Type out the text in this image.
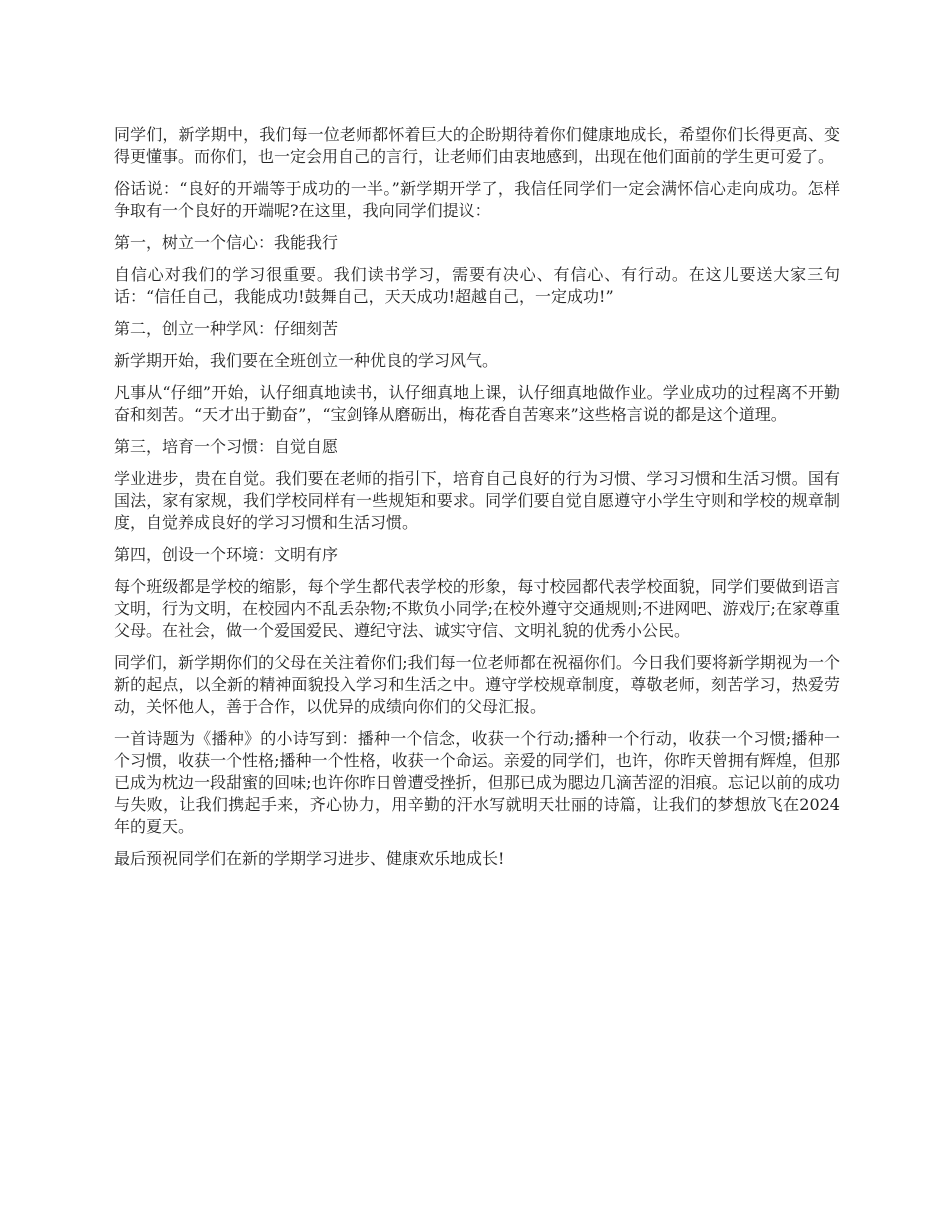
同学们，新学期中，我们每一位老师都怀着巨大的企盼期待着你们健康地成长，希望你们长得更高、变得更懂事。而你们，也一定会用自己的言行，让老师们由衷地感到，出现在他们面前的学生更可爱了。

俗话说：“良好的开端等于成功的一半。”新学期开学了，我信任同学们一定会满怀信心走向成功。怎样争取有一个良好的开端呢?在这里，我向同学们提议：

第一，树立一个信心：我能我行

自信心对我们的学习很重要。我们读书学习，需要有决心、有信心、有行动。在这儿要送大家三句话：“信任自己，我能成功!鼓舞自己，天天成功!超越自己，一定成功!”

第二，创立一种学风：仔细刻苦

新学期开始，我们要在全班创立一种优良的学习风气。

凡事从“仔细”开始，认仔细真地读书，认仔细真地上课，认仔细真地做作业。学业成功的过程离不开勤奋和刻苦。“天才出于勤奋”，“宝剑锋从磨砺出，梅花香自苦寒来”这些格言说的都是这个道理。

第三，培育一个习惯：自觉自愿

学业进步，贵在自觉。我们要在老师的指引下，培育自己良好的行为习惯、学习习惯和生活习惯。国有国法，家有家规，我们学校同样有一些规矩和要求。同学们要自觉自愿遵守小学生守则和学校的规章制度，自觉养成良好的学习习惯和生活习惯。

第四，创设一个环境：文明有序

每个班级都是学校的缩影，每个学生都代表学校的形象，每寸校园都代表学校面貌，同学们要做到语言文明，行为文明，在校园内不乱丢杂物;不欺负小同学;在校外遵守交通规则;不进网吧、游戏厅;在家尊重父母。在社会，做一个爱国爱民、遵纪守法、诚实守信、文明礼貌的优秀小公民。

同学们，新学期你们的父母在关注着你们;我们每一位老师都在祝福你们。今日我们要将新学期视为一个新的起点，以全新的精神面貌投入学习和生活之中。遵守学校规章制度，尊敬老师，刻苦学习，热爱劳动，关怀他人，善于合作，以优异的成绩向你们的父母汇报。

一首诗题为《播种》的小诗写到：播种一个信念，收获一个行动;播种一个行动，收获一个习惯;播种一个习惯，收获一个性格;播种一个性格，收获一个命运。亲爱的同学们，也许，你昨天曾拥有辉煌，但那已成为枕边一段甜蜜的回味;也许你昨日曾遭受挫折，但那已成为腮边几滴苦涩的泪痕。忘记以前的成功与失败，让我们携起手来，齐心协力，用辛勤的汗水写就明天壮丽的诗篇，让我们的梦想放飞在2024年的夏天。

最后预祝同学们在新的学期学习进步、健康欢乐地成长!
